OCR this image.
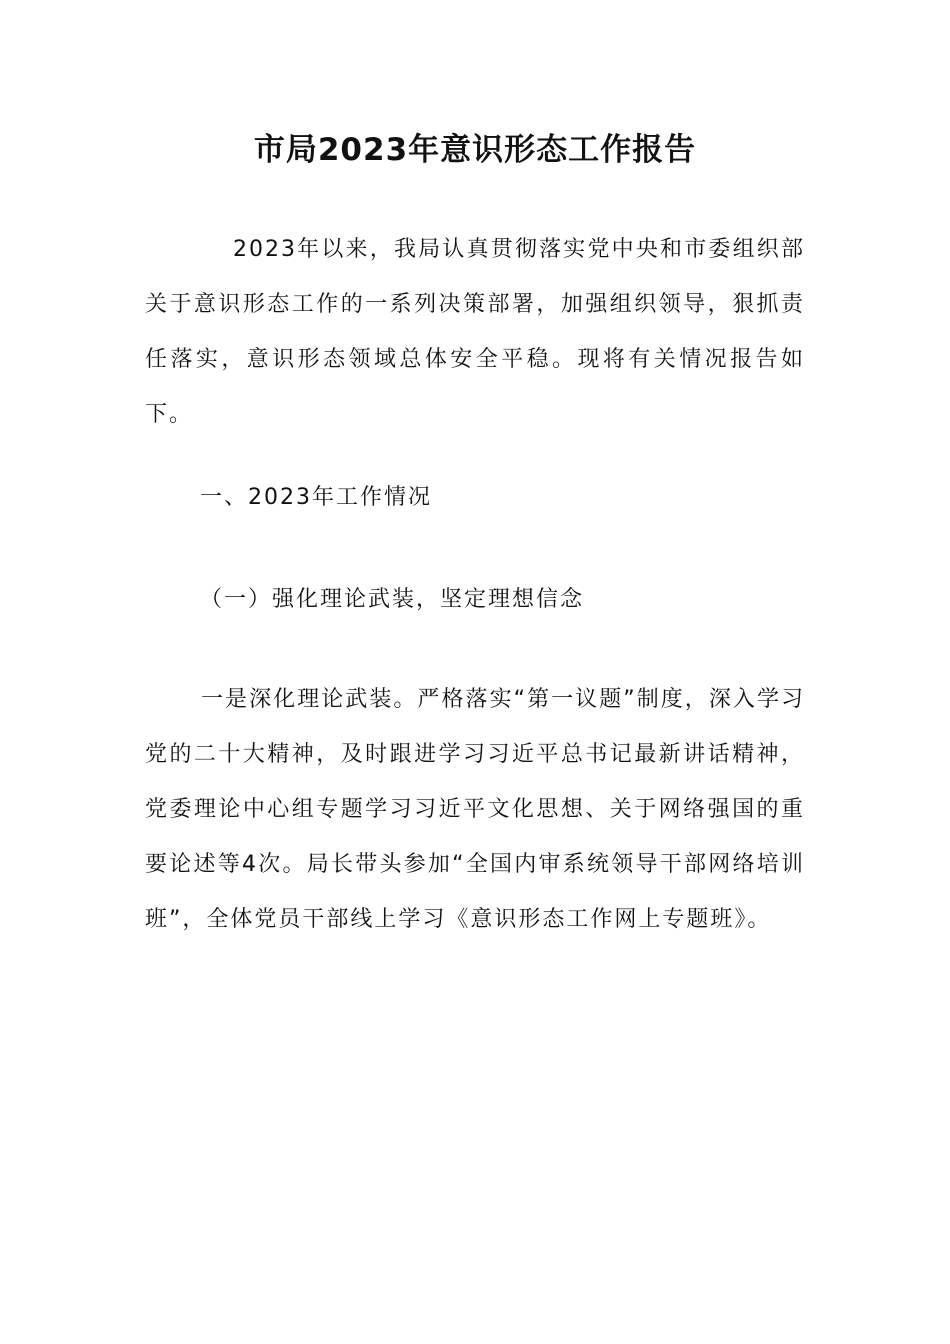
市局2023年意识形态工作报告

2023年以来，我局认真贯彻落实党中央和市委组织部关于意识形态工作的一系列决策部署，加强组织领导，狠抓责任落实，意识形态领域总体安全平稳。现将有关情况报告如下。

一、2023年工作情况

（一）强化理论武装，坚定理想信念

一是深化理论武装。严格落实“第一议题”制度，深入学习党的二十大精神，及时跟进学习习近平总书记最新讲话精神，党委理论中心组专题学习习近平文化思想、关于网络强国的重要论述等4次。局长带头参加“全国内审系统领导干部网络培训班”，全体党员干部线上学习《意识形态工作网上专题班》。
